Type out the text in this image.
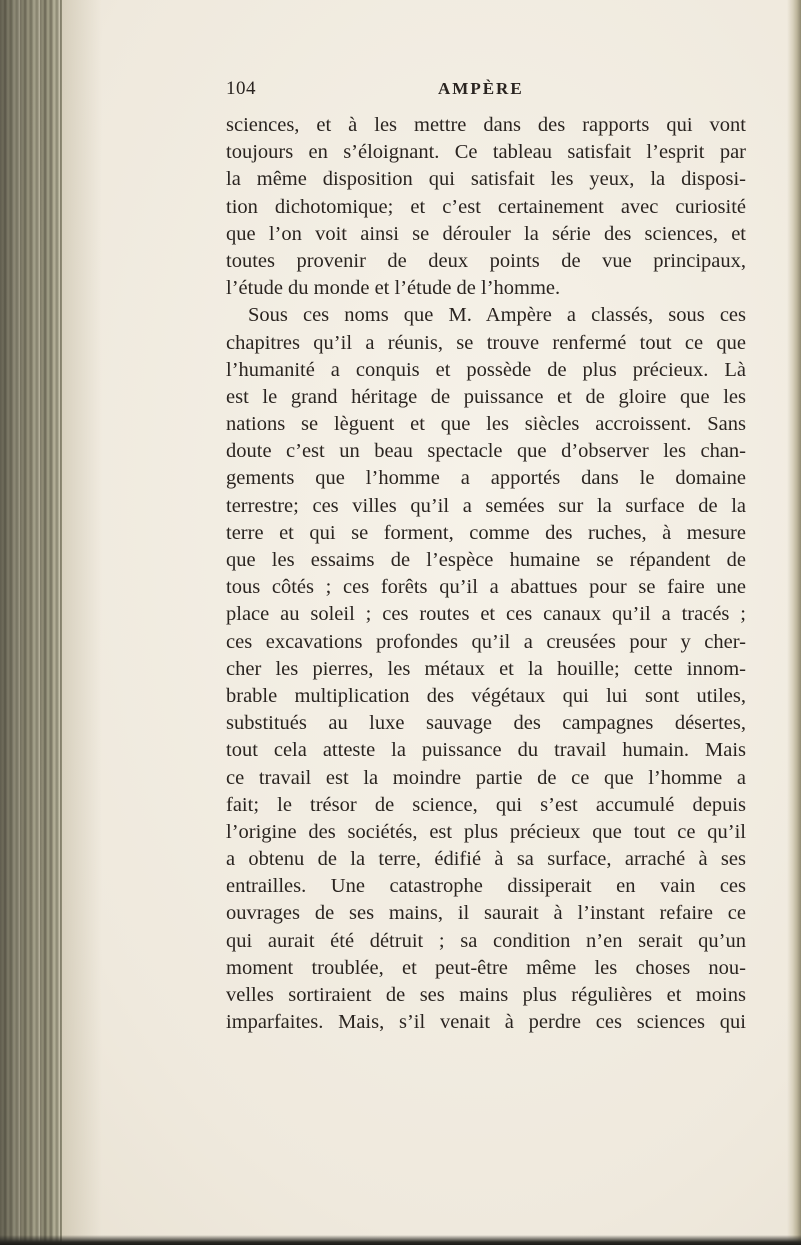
104	AMPÈRE
sciences, et à les mettre dans des rapports qui vont
toujours en s’éloignant. Ce tableau satisfait l’esprit par
la même disposition qui satisfait les yeux, la disposi-
tion dichotomique; et c’est certainement avec curiosité
que l’on voit ainsi se dérouler la série des sciences, et
toutes provenir de deux points de vue principaux,
l’étude du monde et l’étude de l’homme.
Sous ces noms que M. Ampère a classés, sous ces
chapitres qu’il a réunis, se trouve renfermé tout ce que
l’humanité a conquis et possède de plus précieux. Là
est le grand héritage de puissance et de gloire que les
nations se lèguent et que les siècles accroissent. Sans
doute c’est un beau spectacle que d’observer les chan-
gements que l’homme a apportés dans le domaine
terrestre; ces villes qu’il a semées sur la surface de la
terre et qui se forment, comme des ruches, à mesure
que les essaims de l’espèce humaine se répandent de
tous côtés ; ces forêts qu’il a abattues pour se faire une
place au soleil ; ces routes et ces canaux qu’il a tracés ;
ces excavations profondes qu’il a creusées pour y cher-
cher les pierres, les métaux et la houille; cette innom-
brable multiplication des végétaux qui lui sont utiles,
substitués au luxe sauvage des campagnes désertes,
tout cela atteste la puissance du travail humain. Mais
ce travail est la moindre partie de ce que l’homme a
fait; le trésor de science, qui s’est accumulé depuis
l’origine des sociétés, est plus précieux que tout ce qu’il
a obtenu de la terre, édifié à sa surface, arraché à ses
entrailles. Une catastrophe dissiperait en vain ces
ouvrages de ses mains, il saurait à l’instant refaire ce
qui aurait été détruit ; sa condition n’en serait qu’un
moment troublée, et peut-être même les choses nou-
velles sortiraient de ses mains plus régulières et moins
imparfaites. Mais, s’il venait à perdre ces sciences qui
